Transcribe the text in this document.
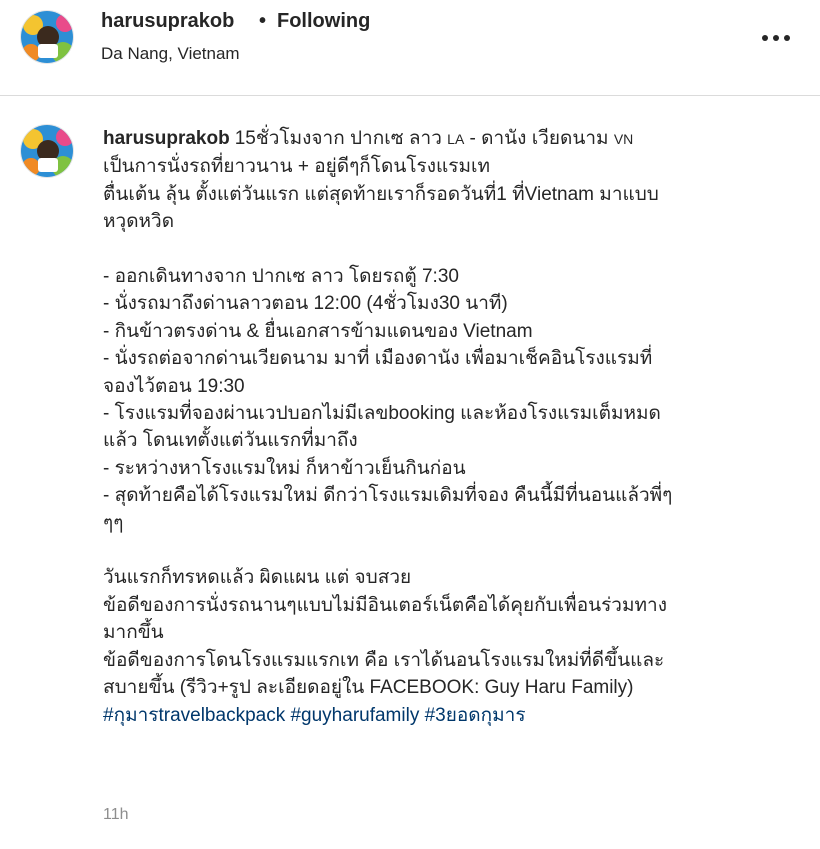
harusuprakob • Following
Da Nang, Vietnam
harusuprakob 15ชั่วโมงจาก ปากเซ ลาว LA - ดานัง เวียดนาม VN
เป็นการนั่งรถที่ยาวนาน + อยู่ดีๆก็โดนโรงแรมเท
ตื่นเต้น ลุ้น ตั้งแต่วันแรก แต่สุดท้ายเราก็รอดวันที่1 ที่Vietnam มาแบบ
หวุดหวิด
- ออกเดินทางจาก ปากเซ ลาว โดยรถตู้ 7:30
- นั่งรถมาถึงด่านลาวตอน 12:00 (4ชั่วโมง30 นาที)
- กินข้าวตรงด่าน & ยื่นเอกสารข้ามแดนของ Vietnam
- นั่งรถต่อจากด่านเวียดนาม มาที่ เมืองดานัง เพื่อมาเช็คอินโรงแรมที่
จองไว้ตอน 19:30
- โรงแรมที่จองผ่านเวปบอกไม่มีเลขbooking และห้องโรงแรมเต็มหมด
แล้ว โดนเทตั้งแต่วันแรกที่มาถึง
- ระหว่างหาโรงแรมใหม่ ก็หาข้าวเย็นกินก่อน
- สุดท้ายคือได้โรงแรมใหม่ ดีกว่าโรงแรมเดิมที่จอง คืนนี้มีที่นอนแล้วพี่ๆ
ๆๆ
วันแรกก็ทรหดแล้ว ผิดแผน แต่ จบสวย
ข้อดีของการนั่งรถนานๆแบบไม่มีอินเตอร์เน็ตคือได้คุยกับเพื่อนร่วมทาง
มากขึ้น
ข้อดีของการโดนโรงแรมแรกเท คือ เราได้นอนโรงแรมใหม่ที่ดีขึ้นและ
สบายขึ้น (รีวิว+รูป ละเอียดอยู่ใน FACEBOOK: Guy Haru Family)
#กุมารtravelbackpack #guyharufamily #3ยอดกุมาร
11h
